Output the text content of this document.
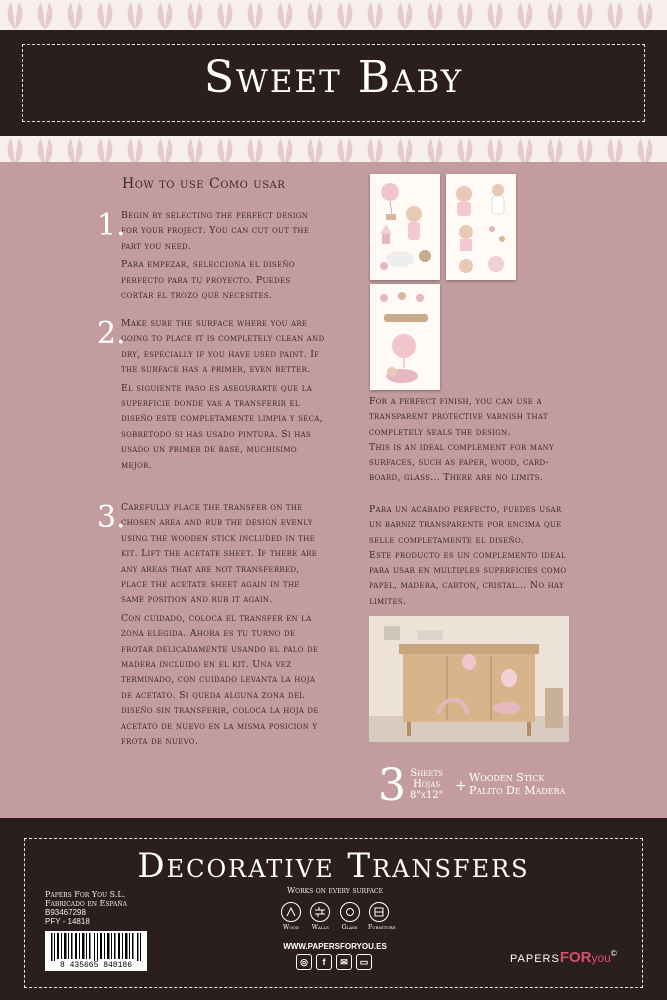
Sweet Baby
How to use Como usar
1.

Begin by selecting the perfect design for your project. You can cut out the part you need.

Para empezar, selecciona el diseño perfecto para tu proyecto. Puedes cortar el trozo que necesites.

2.

Make sure the surface where you are going to place it is completely clean and dry, especially if you have used paint. If the surface has a primer, even better.

El siguiente paso es asegurarte que la superficie donde vas a transferir el diseño este completamente limpia y seca, sobretodo si has usado pintura. Si has usado un primer de base, muchisimo mejor.

3.

Carefully place the transfer on the chosen area and rub the design evenly using the wooden stick included in the kit. Lift the acetate sheet. If there are any areas that are not transferred, place the acetate sheet again in the same position and rub it again.

Con cuidado, coloca el transfer en la zona elegida. Ahora es tu turno de frotar delicadamente usando el palo de madera incluido en el kit. Una vez terminado, con cuidado levanta la hoja de acetato. Si queda alguna zona del diseño sin transferir, coloca la hoja de acetato de nuevo en la misma posicion y frota de nuevo.

For a perfect finish, you can use a transparent protective varnish that completely seals the design.

This is an ideal complement for many surfaces, such as paper, wood, card-board, glass... There are no limits.

Para un acabado perfecto, puedes usar un barniz transparente por encima que selle completamente el diseño.

Este producto es un complemento ideal para usar en multiples superficies como papel, madera, carton, cristal... No hay limites.

3 Sheets
Hojas
8"x12"
+
Wooden Stick
Palito De Madera
Decorative Transfers
Papers For You S.L.
Fabricado en España
B93467298
PFY - 14818
8 435665 848186
Works on every surface
Wood	Walls	Glass	Furniture
WWW.PAPERSFORYOU.ES
◎	f	✉	▭	PAPERSFORyou©
